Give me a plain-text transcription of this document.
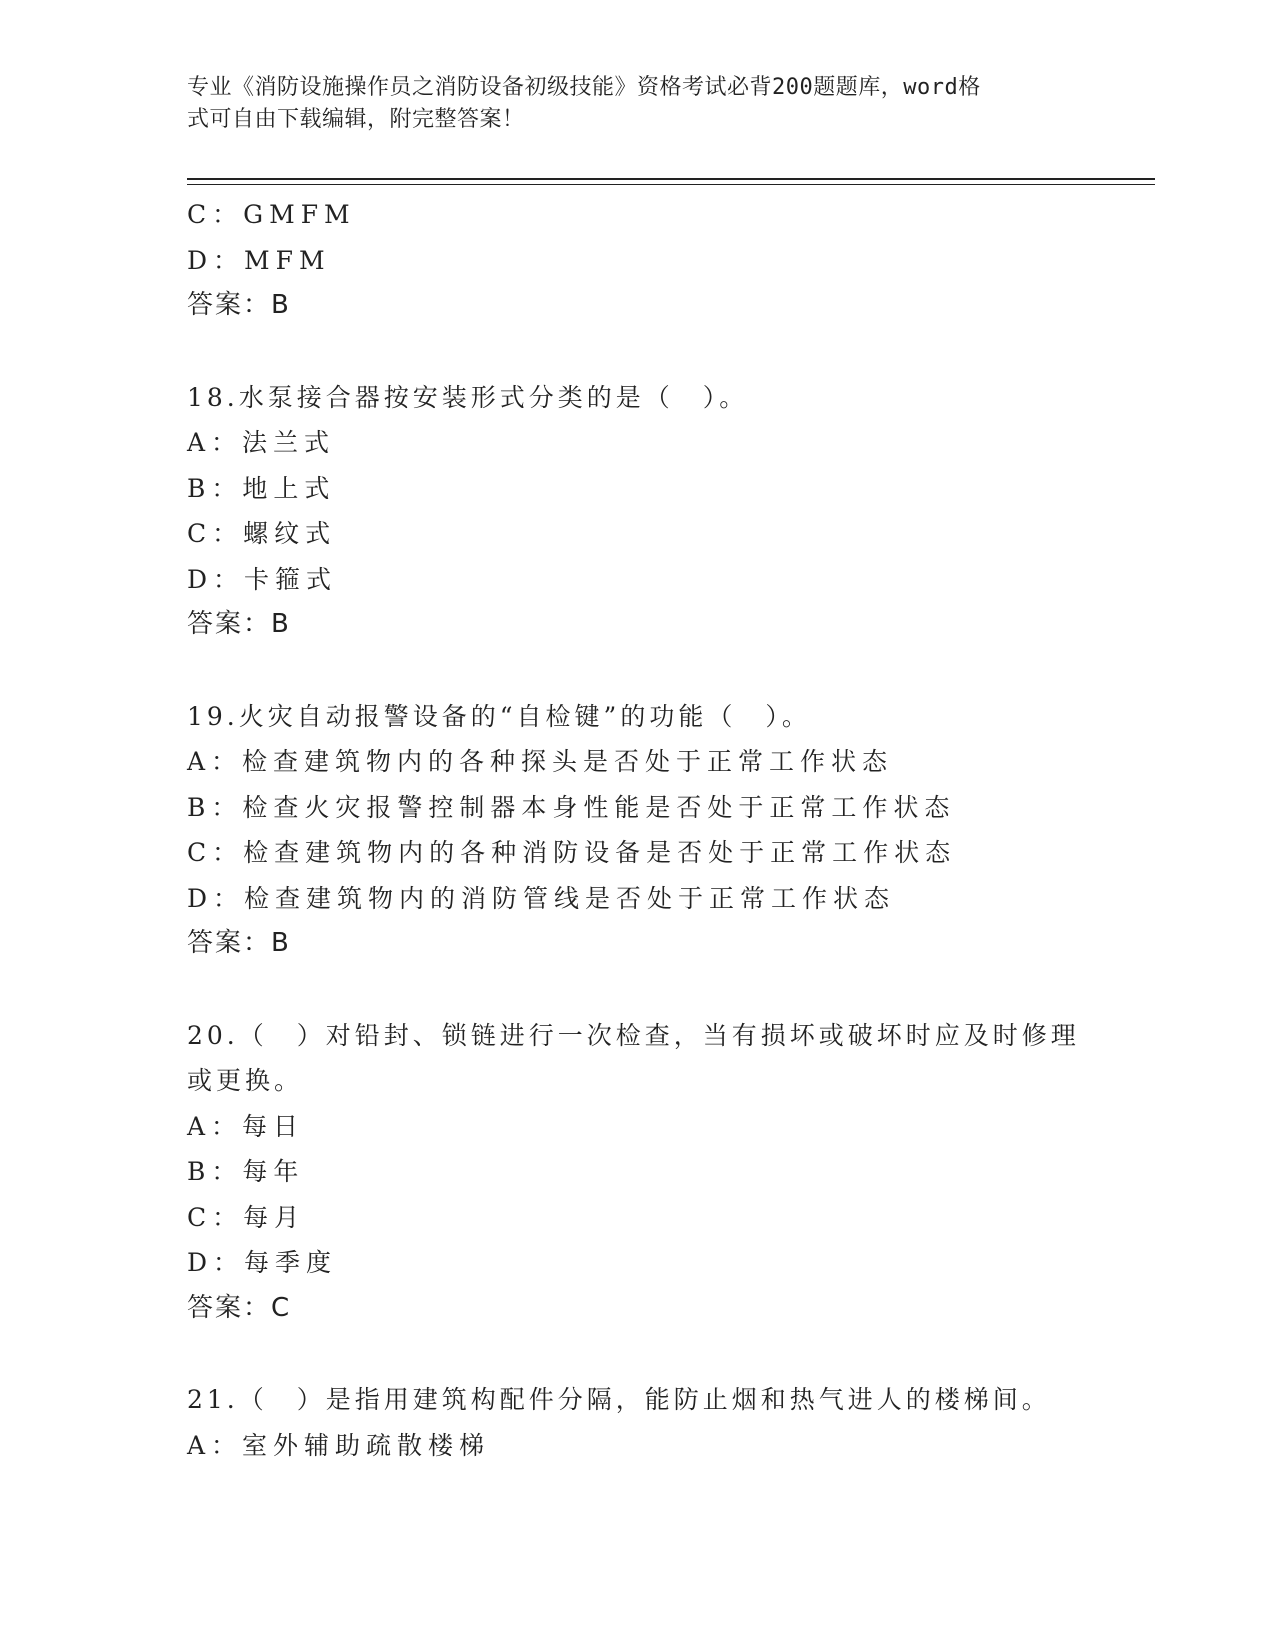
专业《消防设施操作员之消防设备初级技能》资格考试必背200题题库，word格
式可自由下载编辑，附完整答案！
C：GMFM
D：MFM
答案：B
18.水泵接合器按安装形式分类的是（　）。
A：法兰式
B：地上式
C：螺纹式
D：卡箍式
答案：B
19.火灾自动报警设备的“自检键”的功能（　）。
A：检查建筑物内的各种探头是否处于正常工作状态
B：检查火灾报警控制器本身性能是否处于正常工作状态
C：检查建筑物内的各种消防设备是否处于正常工作状态
D：检查建筑物内的消防管线是否处于正常工作状态
答案：B
20.（　）对铅封、锁链进行一次检查，当有损坏或破坏时应及时修理
或更换。
A：每日
B：每年
C：每月
D：每季度
答案：C
21.（　）是指用建筑构配件分隔，能防止烟和热气进人的楼梯间。
A：室外辅助疏散楼梯
